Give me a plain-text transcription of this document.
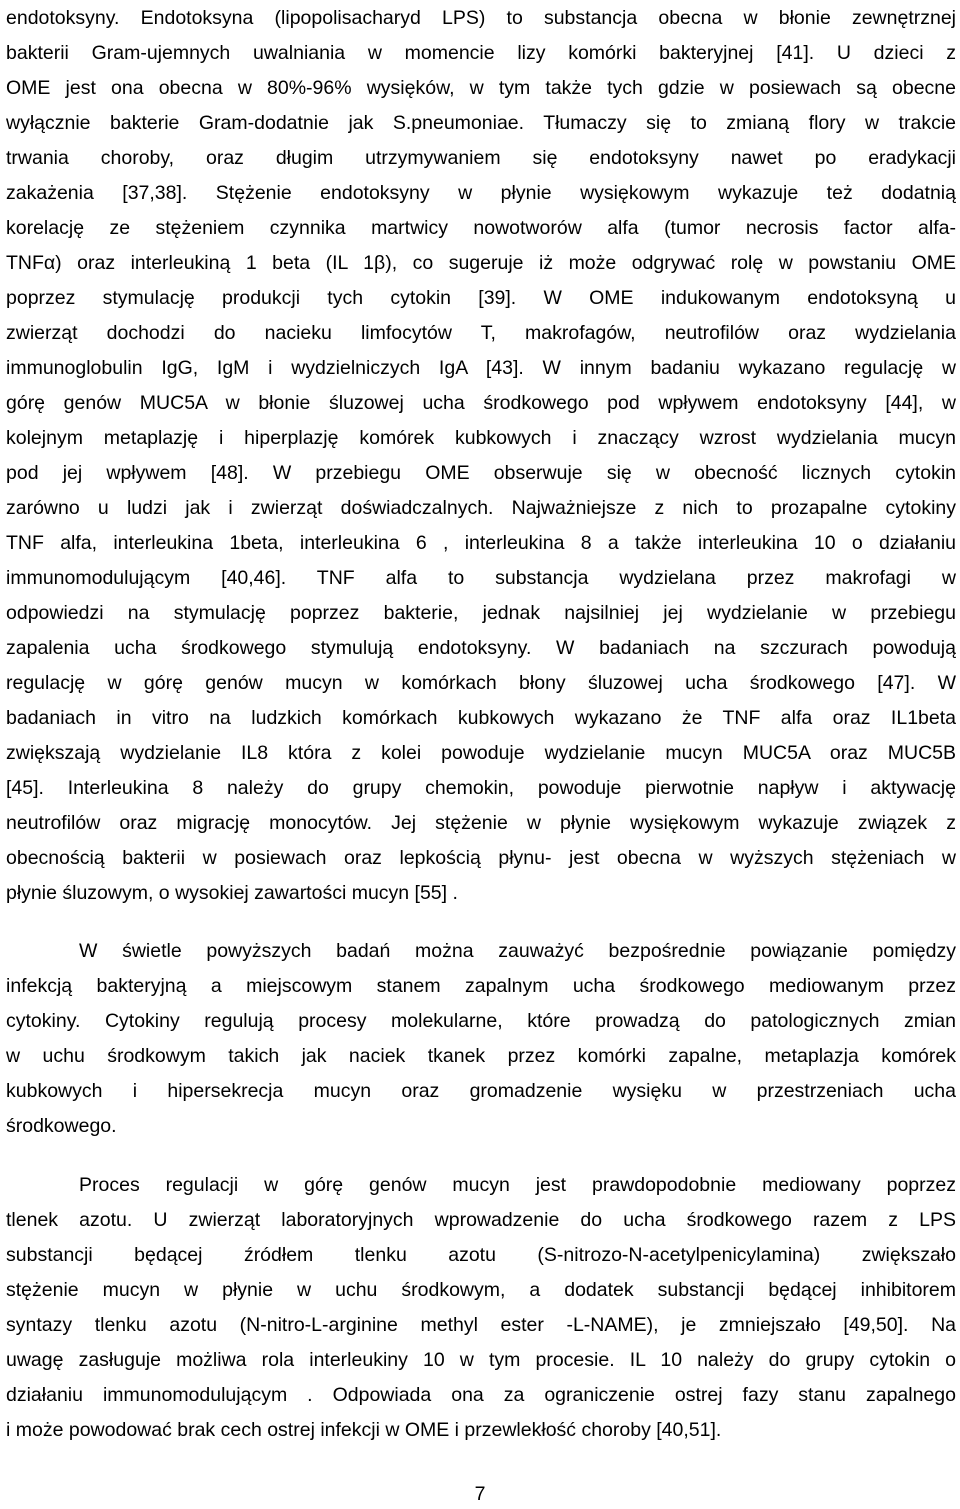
endotoksyny. Endotoksyna (lipopolisacharyd LPS) to substancja obecna w błonie zewnętrznej
bakterii Gram-ujemnych uwalniania w momencie lizy komórki bakteryjnej [41]. U dzieci z
OME jest ona obecna w 80%-96% wysięków, w tym także tych gdzie w posiewach są obecne
wyłącznie bakterie Gram-dodatnie jak S.pneumoniae. Tłumaczy się to zmianą flory w trakcie
trwania choroby, oraz długim utrzymywaniem się endotoksyny nawet po eradykacji
zakażenia [37,38]. Stężenie endotoksyny w płynie wysiękowym wykazuje też dodatnią
korelację ze stężeniem czynnika martwicy nowotworów alfa (tumor necrosis factor alfa-
TNFα) oraz interleukiną 1 beta (IL 1β), co sugeruje iż może odgrywać rolę w powstaniu OME
poprzez stymulację produkcji tych cytokin [39]. W OME indukowanym endotoksyną u
zwierząt dochodzi do nacieku limfocytów T, makrofagów, neutrofilów oraz wydzielania
immunoglobulin IgG, IgM i wydzielniczych IgA [43]. W innym badaniu wykazano regulację w
górę genów MUC5A w błonie śluzowej ucha środkowego pod wpływem endotoksyny [44], w
kolejnym metaplazję i hiperplazję komórek kubkowych i znaczący wzrost wydzielania mucyn
pod jej wpływem [48]. W przebiegu OME obserwuje się w obecność licznych cytokin
zarówno u ludzi jak i zwierząt doświadczalnych. Najważniejsze z nich to prozapalne cytokiny
TNF alfa, interleukina 1beta, interleukina 6 , interleukina 8 a także interleukina 10 o działaniu
immunomodulującym [40,46]. TNF alfa to substancja wydzielana przez makrofagi w
odpowiedzi na stymulację poprzez bakterie, jednak najsilniej jej wydzielanie w przebiegu
zapalenia ucha środkowego stymulują endotoksyny. W badaniach na szczurach powodują
regulację w górę genów mucyn w komórkach błony śluzowej ucha środkowego [47]. W
badaniach in vitro na ludzkich komórkach kubkowych wykazano że TNF alfa oraz IL1beta
zwiększają wydzielanie IL8 która z kolei powoduje wydzielanie mucyn MUC5A oraz MUC5B
[45]. Interleukina 8 należy do grupy chemokin, powoduje pierwotnie napływ i aktywację
neutrofilów oraz migrację monocytów. Jej stężenie w płynie wysiękowym wykazuje związek z
obecnością bakterii w posiewach oraz lepkością płynu- jest obecna w wyższych stężeniach w
płynie śluzowym, o wysokiej zawartości mucyn [55] .
W świetle powyższych badań można zauważyć bezpośrednie powiązanie pomiędzy
infekcją bakteryjną a miejscowym stanem zapalnym ucha środkowego mediowanym przez
cytokiny. Cytokiny regulują procesy molekularne, które prowadzą do patologicznych zmian
w uchu środkowym takich jak naciek tkanek przez komórki zapalne, metaplazja komórek
kubkowych i hipersekrecja mucyn oraz gromadzenie wysięku w przestrzeniach ucha
środkowego.
Proces regulacji w górę genów mucyn jest prawdopodobnie mediowany poprzez
tlenek azotu. U zwierząt laboratoryjnych wprowadzenie do ucha środkowego razem z LPS
substancji będącej źródłem tlenku azotu (S-nitrozo-N-acetylpenicylamina) zwiększało
stężenie mucyn w płynie w uchu środkowym, a dodatek substancji będącej inhibitorem
syntazy tlenku azotu (N-nitro-L-arginine methyl ester -L-NAME), je zmniejszało [49,50]. Na
uwagę zasługuje możliwa rola interleukiny 10 w tym procesie. IL 10 należy do grupy cytokin o
działaniu immunomodulującym . Odpowiada ona za ograniczenie ostrej fazy stanu zapalnego
i może powodować brak cech ostrej infekcji w OME i przewlekłość choroby [40,51].
7
